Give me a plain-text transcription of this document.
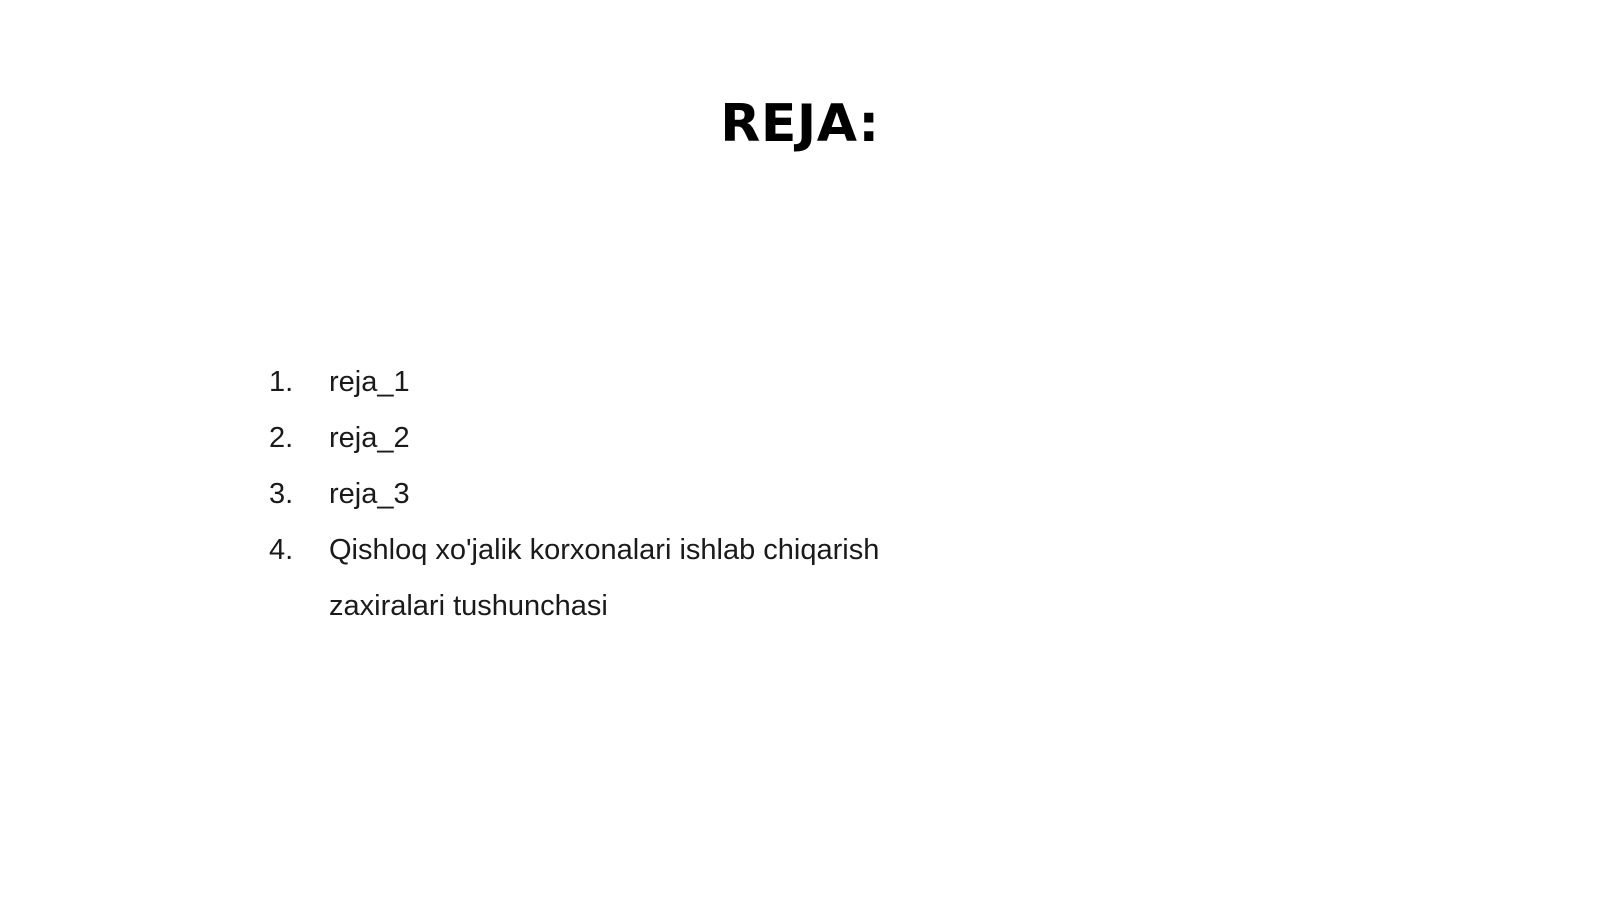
REJA:
1.	reja_1
2.	reja_2
3.	reja_3
4.	Qishloq xo'jalik korxonalari ishlab chiqarish zaxiralari tushunchasi
